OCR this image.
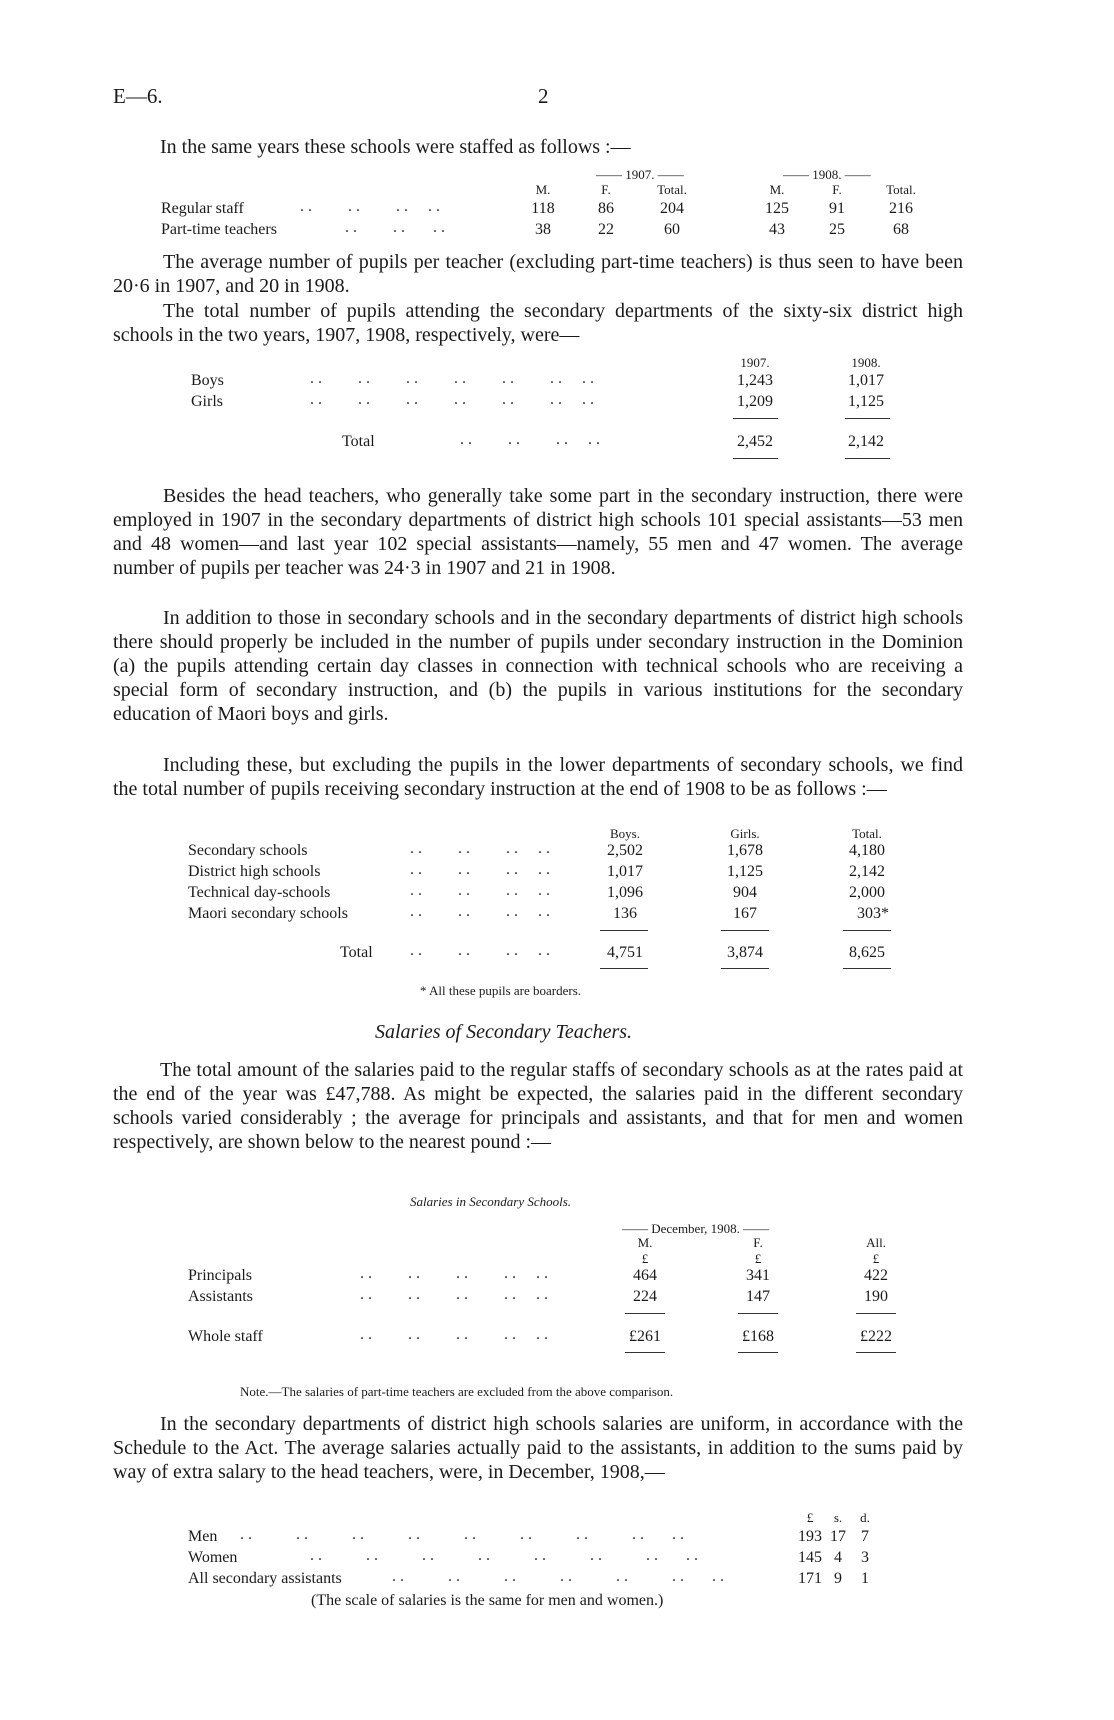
E—6.	2
In the same years these schools were staffed as follows :—
—— 1907. ——	—— 1908. ——
M.	F.	Total.	M.	F.	Total.
Regular staff	..    ..    ..  ..	118	86	204	125	91	216
Part-time teachers	..    ..   ..	38	22	60	43	25	68
The average number of pupils per teacher (excluding part-time teachers) is thus seen to have been 20·6 in 1907, and 20 in 1908.
The total number of pupils attending the secondary departments of the sixty-six district high schools in the two years, 1907, 1908, respectively, were—
1907.	1908.
Boys	..    ..    ..    ..    ..    ..  ..	1,243	1,017
Girls	..    ..    ..    ..    ..    ..  ..	1,209	1,125
Total	..    ..    ..  ..	2,452	2,142
Besides the head teachers, who generally take some part in the secondary instruction, there were employed in 1907 in the secondary departments of district high schools 101 special assistants—53 men and 48 women—and last year 102 special assistants—namely, 55 men and 47 women. The average number of pupils per teacher was 24·3 in 1907 and 21 in 1908.
In addition to those in secondary schools and in the secondary departments of district high schools there should properly be included in the number of pupils under secondary instruction in the Dominion (a) the pupils attending certain day classes in connection with technical schools who are receiving a special form of secondary instruction, and (b) the pupils in various institutions for the secondary education of Maori boys and girls.
Including these, but excluding the pupils in the lower departments of secondary schools, we find the total number of pupils receiving secondary instruction at the end of 1908 to be as follows :—
Boys.	Girls.	Total.
Secondary schools	..    ..    ..  ..	2,502	1,678	4,180
District high schools	..    ..    ..  ..	1,017	1,125	2,142
Technical day-schools	..    ..    ..  ..	1,096	904	2,000
Maori secondary schools	..    ..    ..  ..	136	167	303*
Total ..    ..    ..  ..	4,751	3,874	8,625
* All these pupils are boarders.
Salaries of Secondary Teachers.
The total amount of the salaries paid to the regular staffs of secondary schools as at the rates paid at the end of the year was £47,788. As might be expected, the salaries paid in the different secondary schools varied considerably ; the average for principals and assistants, and that for men and women respectively, are shown below to the nearest pound :—
Salaries in Secondary Schools.
—— December, 1908. ——
M.	F.	All.
£	£	£
Principals	..    ..    ..    ..  ..	464	341	422
Assistants	..    ..    ..    ..  ..	224	147	190
Whole staff	..    ..    ..    ..  ..	£261	£168	£222
Note.—The salaries of part-time teachers are excluded from the above comparison.
In the secondary departments of district high schools salaries are uniform, in accordance with the Schedule to the Act. The average salaries actually paid to the assistants, in addition to the sums paid by way of extra salary to the head teachers, were, in December, 1908,—
£	s.	d.
Men ..     ..     ..     ..     ..     ..     ..     ..   ..	193 17 7
Women	..     ..     ..     ..     ..     ..     ..   ..	145 4	3
All secondary assistants	..     ..     ..     ..     ..     ..   ..	171 9	1
(The scale of salaries is the same for men and women.)
